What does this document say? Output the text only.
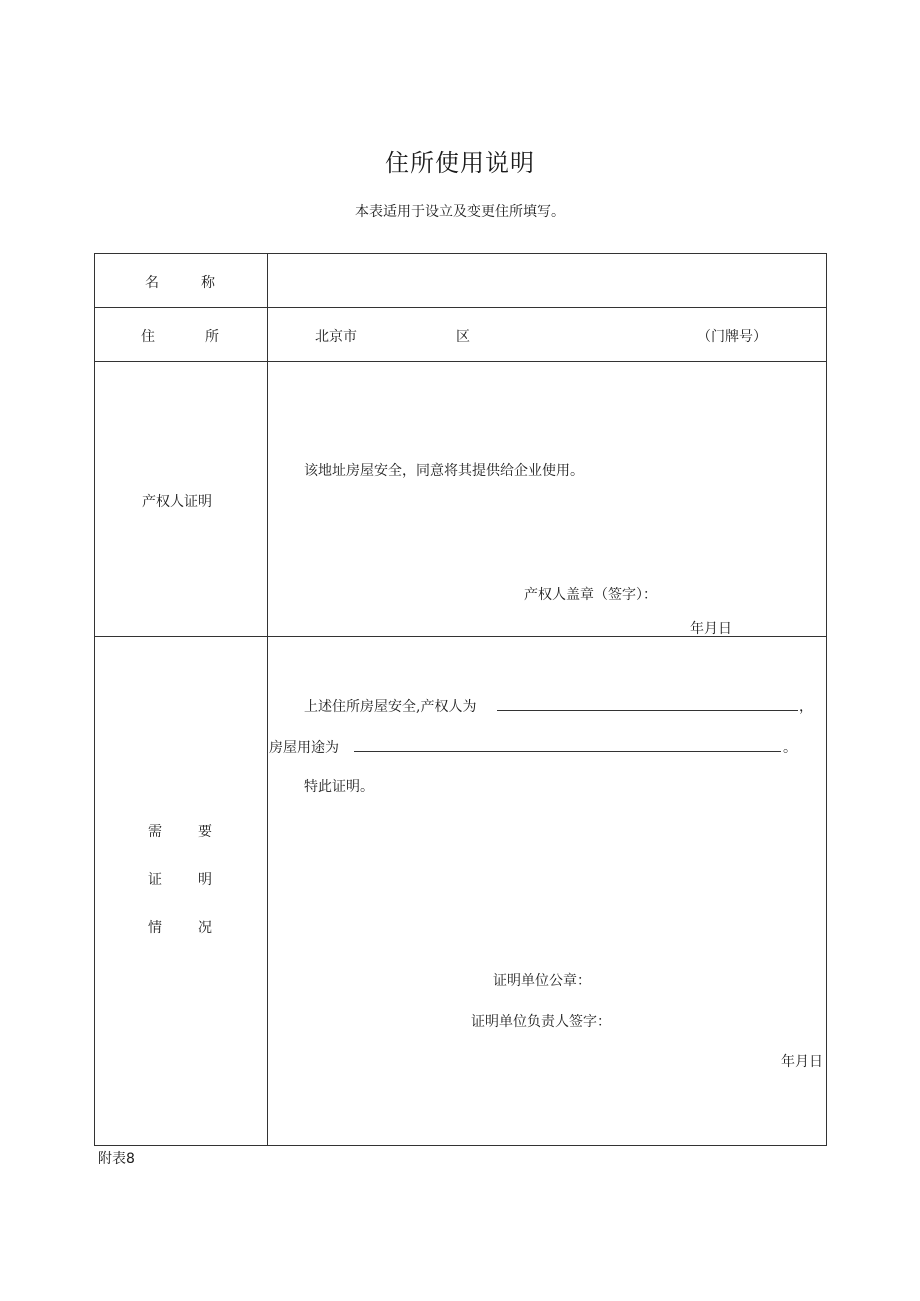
住所使用说明
本表适用于设立及变更住所填写。
名	称
住	所	北京市	区	（门牌号）
产权人证明
该地址房屋安全，同意将其提供给企业使用。
产权人盖章（签字）：
年月日
需	要
证	明
情	况
上述住所房屋安全,产权人为	，
房屋用途为	。
特此证明。
证明单位公章：
证明单位负责人签字：
年月日
附表8
